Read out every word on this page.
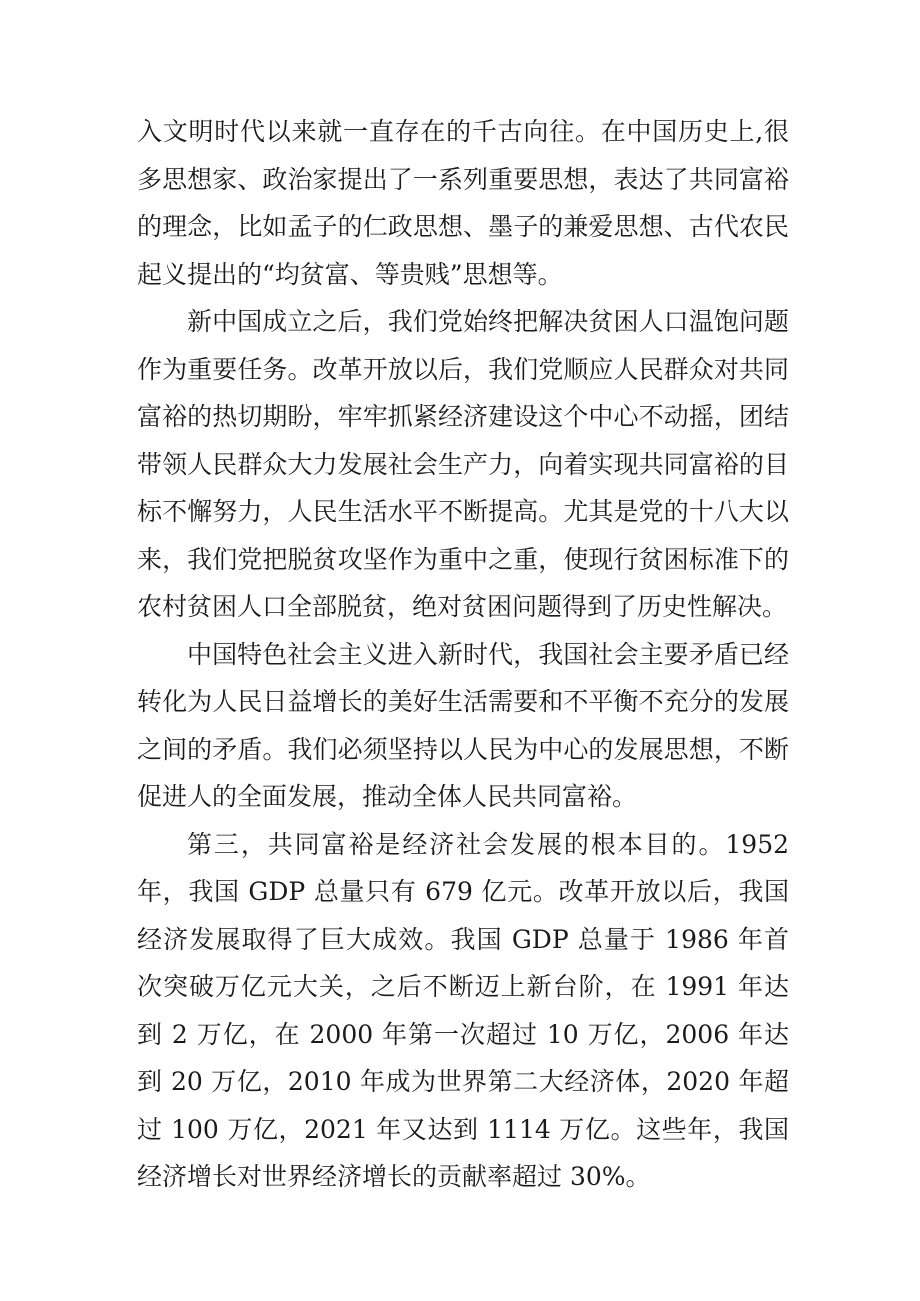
入文明时代以来就一直存在的千古向往。在中国历史上,很多思想家、政治家提出了一系列重要思想，表达了共同富裕的理念，比如孟子的仁政思想、墨子的兼爱思想、古代农民起义提出的“均贫富、等贵贱”思想等。

新中国成立之后，我们党始终把解决贫困人口温饱问题作为重要任务。改革开放以后，我们党顺应人民群众对共同富裕的热切期盼，牢牢抓紧经济建设这个中心不动摇，团结带领人民群众大力发展社会生产力，向着实现共同富裕的目标不懈努力，人民生活水平不断提高。尤其是党的十八大以来，我们党把脱贫攻坚作为重中之重，使现行贫困标准下的农村贫困人口全部脱贫，绝对贫困问题得到了历史性解决。

中国特色社会主义进入新时代，我国社会主要矛盾已经转化为人民日益增长的美好生活需要和不平衡不充分的发展之间的矛盾。我们必须坚持以人民为中心的发展思想，不断促进人的全面发展，推动全体人民共同富裕。

第三，共同富裕是经济社会发展的根本目的。1952 年，我国 GDP 总量只有 679 亿元。改革开放以后，我国经济发展取得了巨大成效。我国 GDP 总量于 1986 年首次突破万亿元大关，之后不断迈上新台阶，在 1991 年达到 2 万亿，在 2000 年第一次超过 10 万亿，2006 年达到 20 万亿，2010 年成为世界第二大经济体，2020 年超过 100 万亿，2021 年又达到 1114 万亿。这些年，我国经济增长对世界经济增长的贡献率超过 30%。
